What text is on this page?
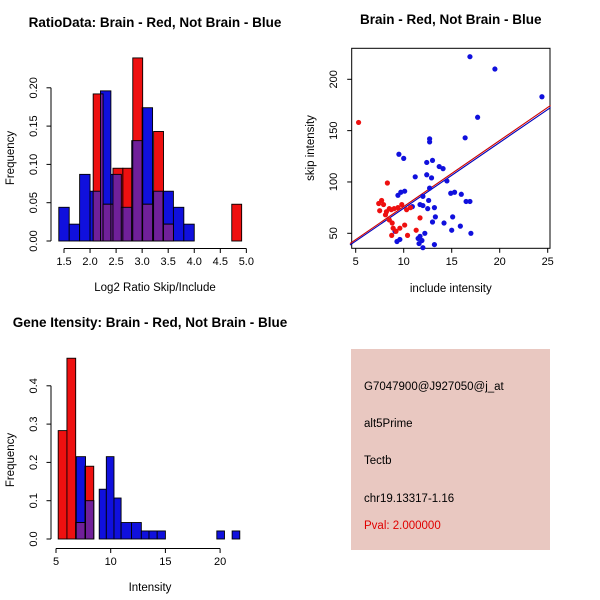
RatioData: Brain - Red, Not Brain - Blue
1.5 2.0 2.5 3.0 3.5 4.0 4.5 5.0
Log2 Ratio Skip/Include
0.00
0.05
0.10
0.15
0.20
Frequency
Brain - Red, Not Brain - Blue
5	10	15	20	25
include intensity
50
100
150
200
skip intensity
Gene Itensity: Brain - Red, Not Brain - Blue
5	10	15	20
Intensity
0.0
0.1
0.2
0.3
0.4
Frequency
G7047900@J927050@j_at
alt5Prime
Tectb
chr19.13317-1.16
Pval: 2.000000
